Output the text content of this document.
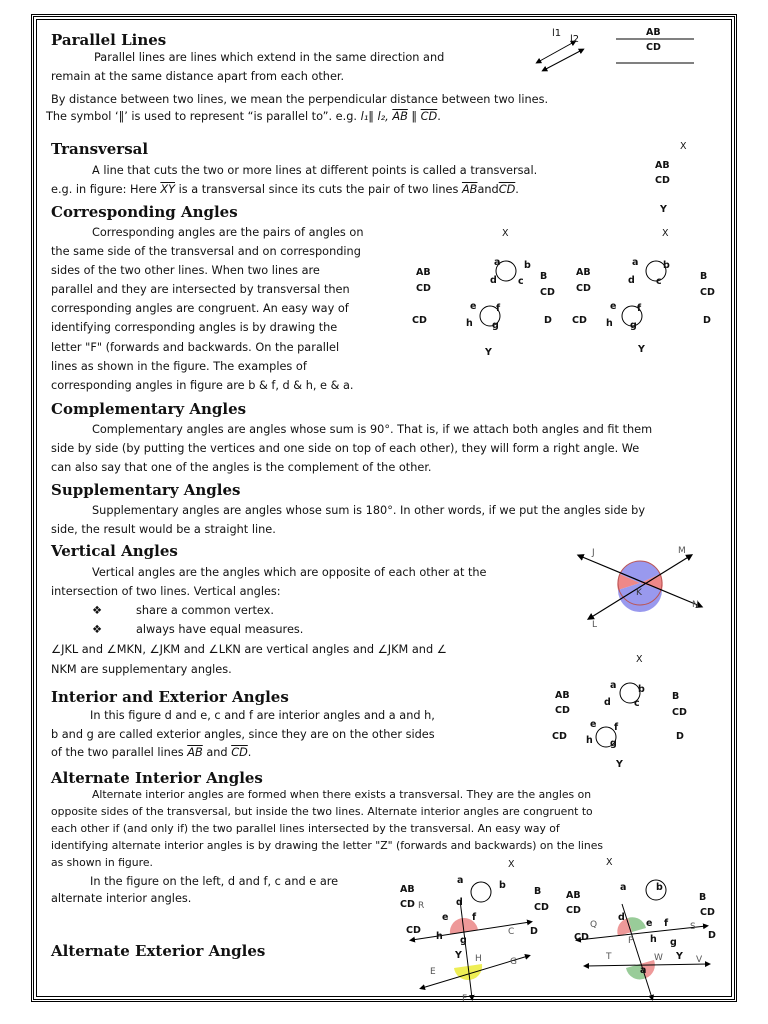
Parallel Lines
Parallel lines are lines which extend in the same direction and
remain at the same distance apart from each other.
By distance between two lines, we mean the perpendicular distance between two lines.
The symbol ‘‖’ is used to represent “is parallel to”. e.g. l₁‖ l₂, $\overline{AB}$ ‖ $\overline{CD}$.
l1
l2
AB
CD
Transversal
A line that cuts the two or more lines at different points is called a transversal.
e.g. in figure: Here $\overline{XY}$ is a transversal since its cuts the pair of two lines $\overline{AB}and\overline{CD}$.
X
AB
CD
Y
Corresponding Angles
Corresponding angles are the pairs of angles on
the same side of the transversal and on corresponding
sides of the two other lines. When two lines are
parallel and they are intersected by transversal then
corresponding angles are congruent. An easy way of
identifying corresponding angles is by drawing the
letter "F" (forwards and backwards. On the parallel
lines as shown in the figure. The examples of
corresponding angles in figure are b & f, d & h, e & a.
X
AB
CD
a b
d c B
CD
e f
h g
CD	D
Y
X
AB
CD
a	b
d c	B
CD
e f
h g
CD	D
Y
Complementary Angles
Complementary angles are angles whose sum is 90°. That is, if we attach both angles and fit them
side by side (by putting the vertices and one side on top of each other), they will form a right angle. We
can also say that one of the angles is the complement of the other.
Supplementary Angles
Supplementary angles are angles whose sum is 180°. In other words, if we put the angles side by
side, the result would be a straight line.
Vertical Angles
Vertical angles are the angles which are opposite of each other at the
intersection of two lines. Vertical angles:
❖	share a common vertex.
❖	always have equal measures.
∠JKL and ∠MKN, ∠JKM and ∠LKN are vertical angles and ∠JKM and ∠
NKM are supplementary angles.
J	M
K
L
N
Interior and Exterior Angles
In this figure d and e, c and f are interior angles and a and h,
b and g are called exterior angles, since they are on the other sides
of the two parallel lines $\overline{AB}$ and $\overline{CD}$.
X
AB
CD
a b
d c
B
CD
e f
h g
CD	D
Y
Alternate Interior Angles
Alternate interior angles are formed when there exists a transversal. They are the angles on
opposite sides of the transversal, but inside the two lines. Alternate interior angles are congruent to
each other if (and only if) the two parallel lines intersected by the transversal. An easy way of
identifying alternate interior angles is by drawing the letter "Z" (forwards and backwards) on the lines
as shown in figure.
In the figure on the left, d and f, c and e are
alternate interior angles.
Alternate Exterior Angles
X
AB
CD
a	b
B
CD
R	d
e f
CD
h g
D
C
Y
E
H	G
F
X
AB
CD
a	b
B
CD
Q
d
e f S
CD	P h g
D
T	W Y V
a
